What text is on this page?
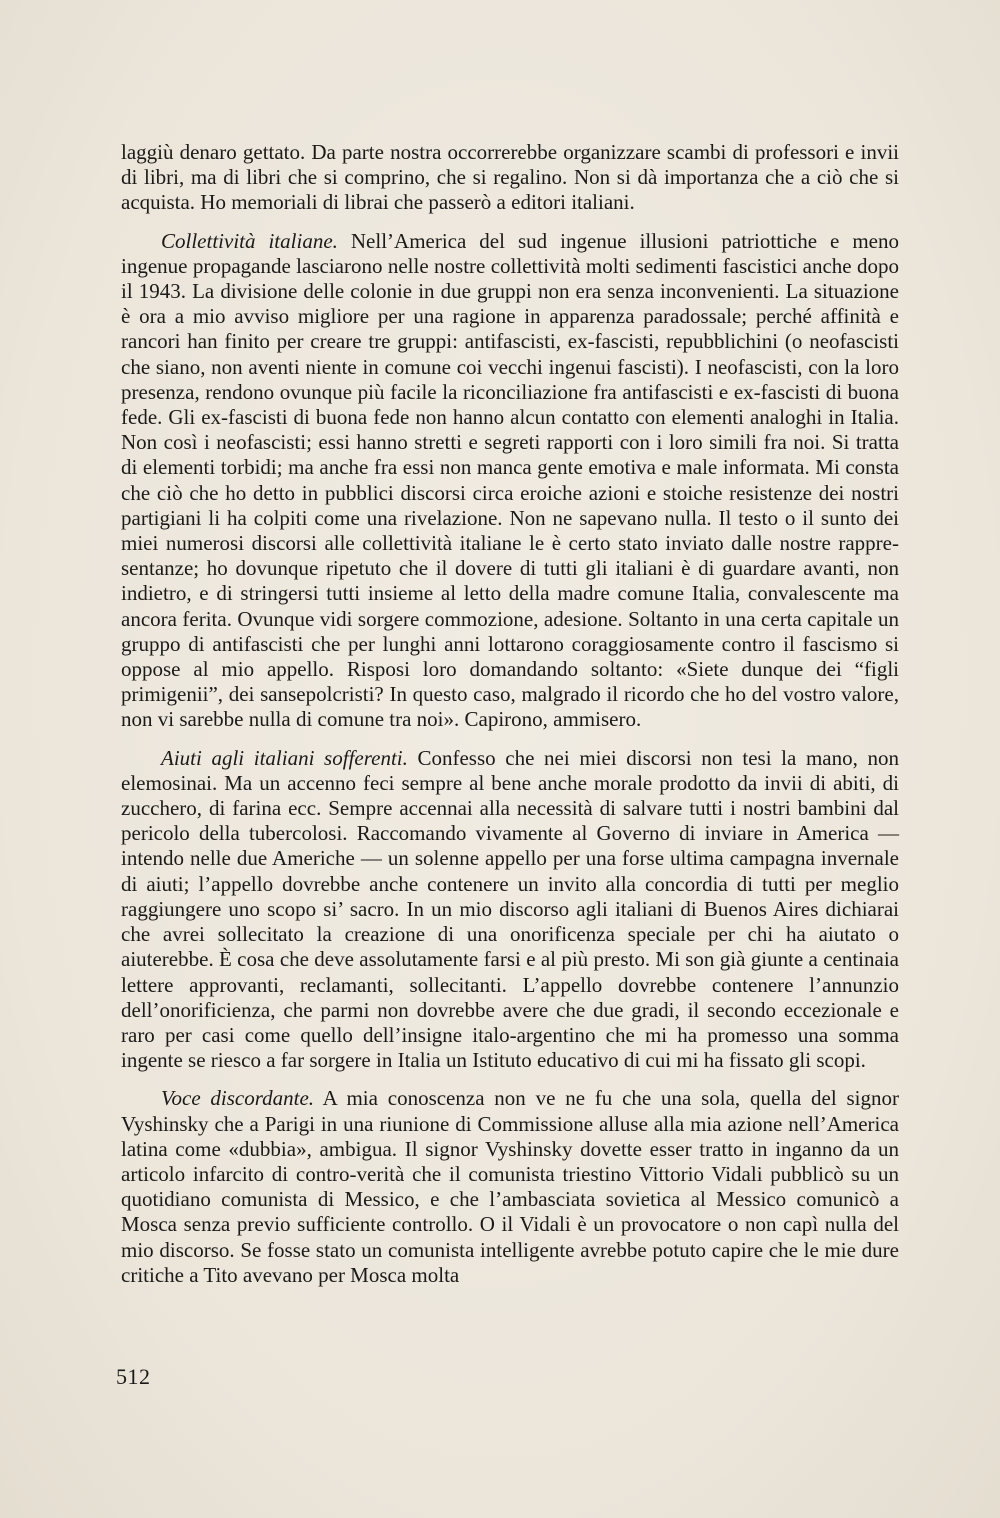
laggiù denaro gettato. Da parte nostra occorrerebbe organizzare scambi di professori e invii di libri, ma di libri che si comprino, che si regalino. Non si dà importanza che a ciò che si acquista. Ho memoriali di librai che passerò a editori italiani.

Collettività italiane. Nell’America del sud ingenue illusioni patriottiche e meno ingenue propagande lasciarono nelle nostre collettività molti sedimenti fascistici anche dopo il 1943. La divisione delle colonie in due gruppi non era senza inconvenienti. La situazione è ora a mio avviso migliore per una ragione in apparenza paradossale; perché affinità e rancori han finito per creare tre gruppi: antifascisti, ex-fascisti, repubblichini (o neofascisti che siano, non aventi niente in comune coi vecchi ingenui fascisti). I neofascisti, con la loro presenza, rendono ovunque più facile la riconciliazione fra antifascisti e ex-fascisti di buona fede. Gli ex-fascisti di buona fede non hanno alcun contatto con elementi analoghi in Italia. Non così i neofascisti; essi hanno stretti e segreti rapporti con i loro simili fra noi. Si tratta di elementi torbidi; ma anche fra essi non manca gente emotiva e male informata. Mi consta che ciò che ho detto in pubblici discorsi circa eroiche azioni e stoiche resistenze dei nostri partigiani li ha colpiti come una rivelazione. Non ne sapevano nulla. Il testo o il sunto dei miei numerosi discorsi alle collettività italiane le è certo stato inviato dalle nostre rappresentanze; ho dovunque ripetuto che il dovere di tutti gli italiani è di guardare avanti, non indietro, e di stringersi tutti insieme al letto della madre comune Italia, convalescente ma ancora ferita. Ovunque vidi sorgere commozione, adesione. Soltanto in una certa capitale un gruppo di antifascisti che per lunghi anni lottarono coraggiosamente contro il fascismo si oppose al mio appello. Risposi loro domandando soltanto: «Siete dunque dei “figli primigenii”, dei sansepolcristi? In questo caso, malgrado il ricordo che ho del vostro valore, non vi sarebbe nulla di comune tra noi». Capirono, ammisero.

Aiuti agli italiani sofferenti. Confesso che nei miei discorsi non tesi la mano, non elemosinai. Ma un accenno feci sempre al bene anche morale prodotto da invii di abiti, di zucchero, di farina ecc. Sempre accennai alla necessità di salvare tutti i nostri bambini dal pericolo della tubercolosi. Raccomando vivamente al Governo di inviare in America — intendo nelle due Americhe — un solenne appello per una forse ultima campagna invernale di aiuti; l’appello dovrebbe anche contenere un invito alla concordia di tutti per meglio raggiungere uno scopo si’ sacro. In un mio discorso agli italiani di Buenos Aires dichiarai che avrei sollecitato la creazione di una onorificenza speciale per chi ha aiutato o aiuterebbe. È cosa che deve assolutamente farsi e al più presto. Mi son già giunte a centinaia lettere approvanti, reclamanti, sollecitanti. L’appello dovrebbe contenere l’annunzio dell’onorificienza, che parmi non dovrebbe avere che due gradi, il secondo eccezionale e raro per casi come quello dell’insigne italo-argentino che mi ha promesso una somma ingente se riesco a far sorgere in Italia un Istituto educativo di cui mi ha fissato gli scopi.

Voce discordante. A mia conoscenza non ve ne fu che una sola, quella del signor Vyshinsky che a Parigi in una riunione di Commissione alluse alla mia azione nell’America latina come «dubbia», ambigua. Il signor Vyshinsky dovette esser tratto in inganno da un articolo infarcito di contro-verità che il comunista triestino Vittorio Vidali pubblicò su un quotidiano comunista di Messico, e che l’ambasciata sovietica al Messico comunicò a Mosca senza previo sufficiente controllo. O il Vidali è un provocatore o non capì nulla del mio discorso. Se fosse stato un comunista intelligente avrebbe potuto capire che le mie dure critiche a Tito avevano per Mosca molta

512
